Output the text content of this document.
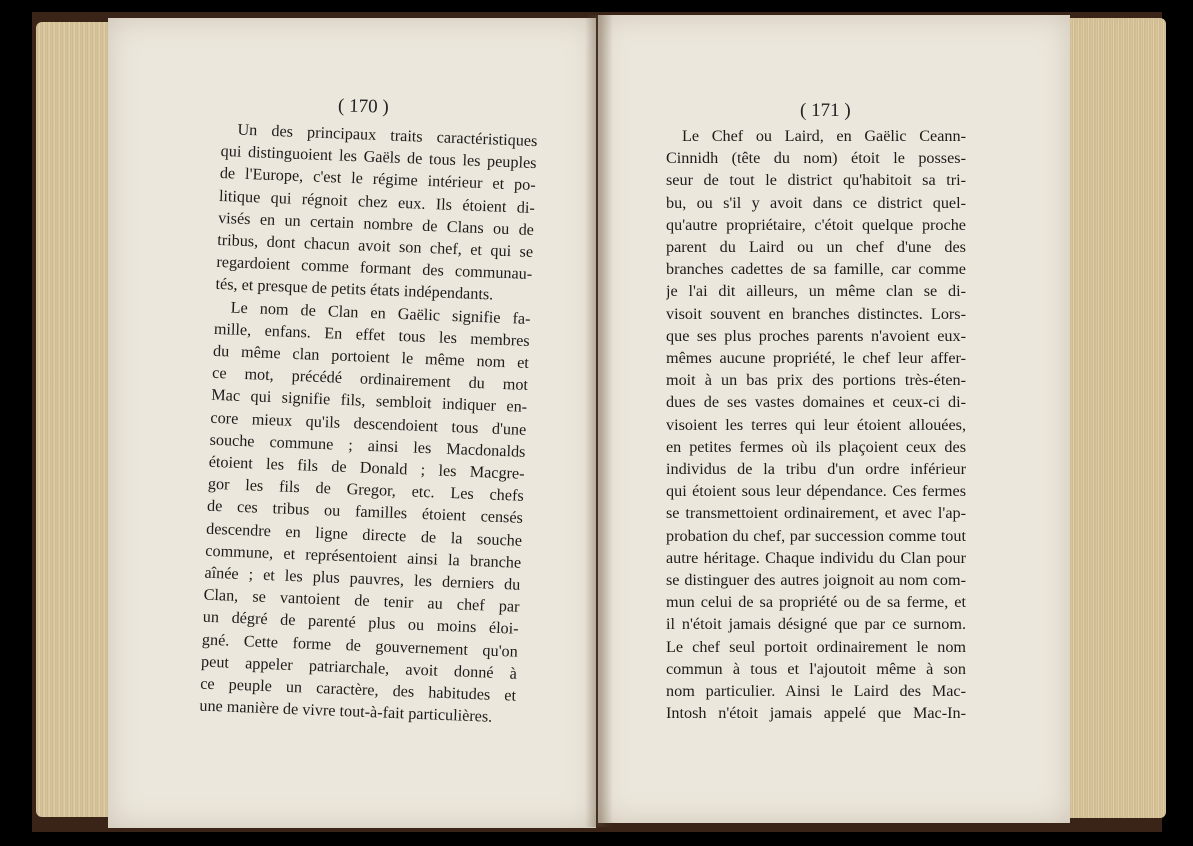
( 170 )	( 171 )
Un des principaux traits caractéristiques
qui distinguoient les Gaëls de tous les peuples
de l'Europe, c'est le régime intérieur et po-
litique qui régnoit chez eux. Ils étoient di-
visés en un certain nombre de Clans ou de
tribus, dont chacun avoit son chef, et qui se
regardoient comme formant des communau-
tés, et presque de petits états indépendants.
Le nom de Clan en Gaëlic signifie fa-
mille, enfans. En effet tous les membres
du même clan portoient le même nom et
ce mot, précédé ordinairement du mot
Mac qui signifie fils, sembloit indiquer en-
core mieux qu'ils descendoient tous d'une
souche commune ; ainsi les Macdonalds
étoient les fils de Donald ; les Macgre-
gor les fils de Gregor, etc. Les chefs
de ces tribus ou familles étoient censés
descendre en ligne directe de la souche
commune, et représentoient ainsi la branche
aînée ; et les plus pauvres, les derniers du
Clan, se vantoient de tenir au chef par
un dégré de parenté plus ou moins éloi-
gné. Cette forme de gouvernement qu'on
peut appeler patriarchale, avoit donné à
ce peuple un caractère, des habitudes et
une manière de vivre tout-à-fait particulières.
Le Chef ou Laird, en Gaëlic Ceann-
Cinnidh (tête du nom) étoit le posses-
seur de tout le district qu'habitoit sa tri-
bu, ou s'il y avoit dans ce district quel-
qu'autre propriétaire, c'étoit quelque proche
parent du Laird ou un chef d'une des
branches cadettes de sa famille, car comme
je l'ai dit ailleurs, un même clan se di-
visoit souvent en branches distinctes. Lors-
que ses plus proches parents n'avoient eux-
mêmes aucune propriété, le chef leur affer-
moit à un bas prix des portions très-éten-
dues de ses vastes domaines et ceux-ci di-
visoient les terres qui leur étoient allouées,
en petites fermes où ils plaçoient ceux des
individus de la tribu d'un ordre inférieur
qui étoient sous leur dépendance. Ces fermes
se transmettoient ordinairement, et avec l'ap-
probation du chef, par succession comme tout
autre héritage. Chaque individu du Clan pour
se distinguer des autres joignoit au nom com-
mun celui de sa propriété ou de sa ferme, et
il n'étoit jamais désigné que par ce surnom.
Le chef seul portoit ordinairement le nom
commun à tous et l'ajoutoit même à son
nom particulier. Ainsi le Laird des Mac-
Intosh n'étoit jamais appelé que Mac-In-
